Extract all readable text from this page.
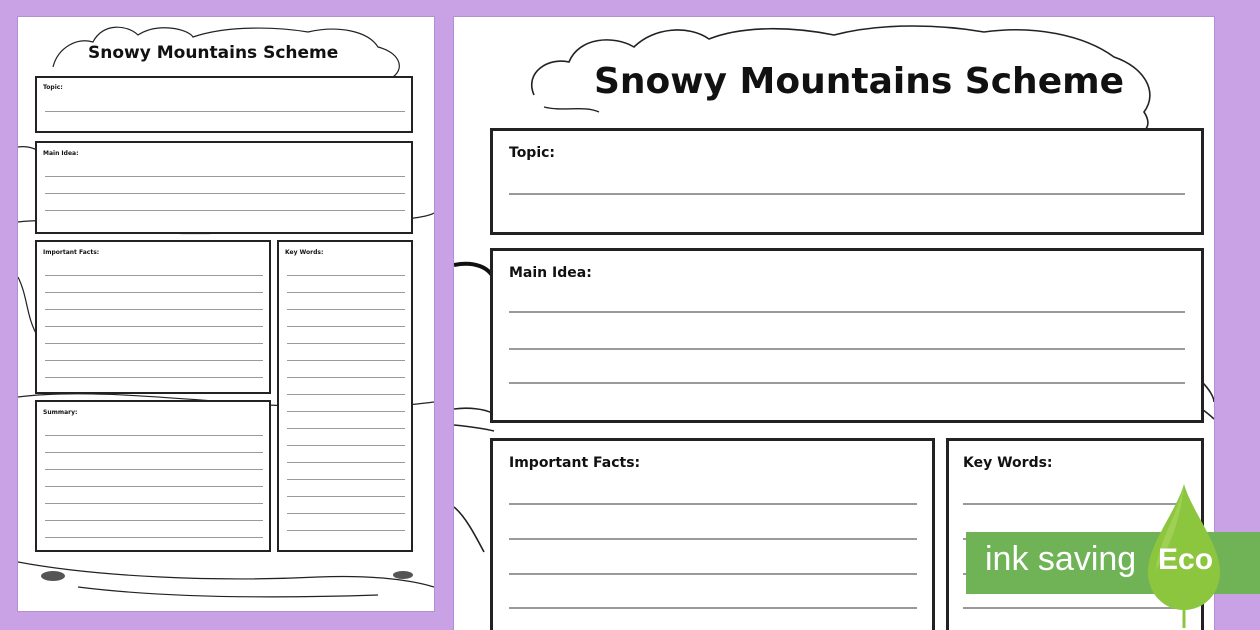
Snowy Mountains Scheme
Topic:
Main Idea:
Important Facts:	Key Words:
Summary:
Snowy Mountains Scheme
Topic:
Main Idea:
Important Facts:	Key Words:
ink saving Eco
